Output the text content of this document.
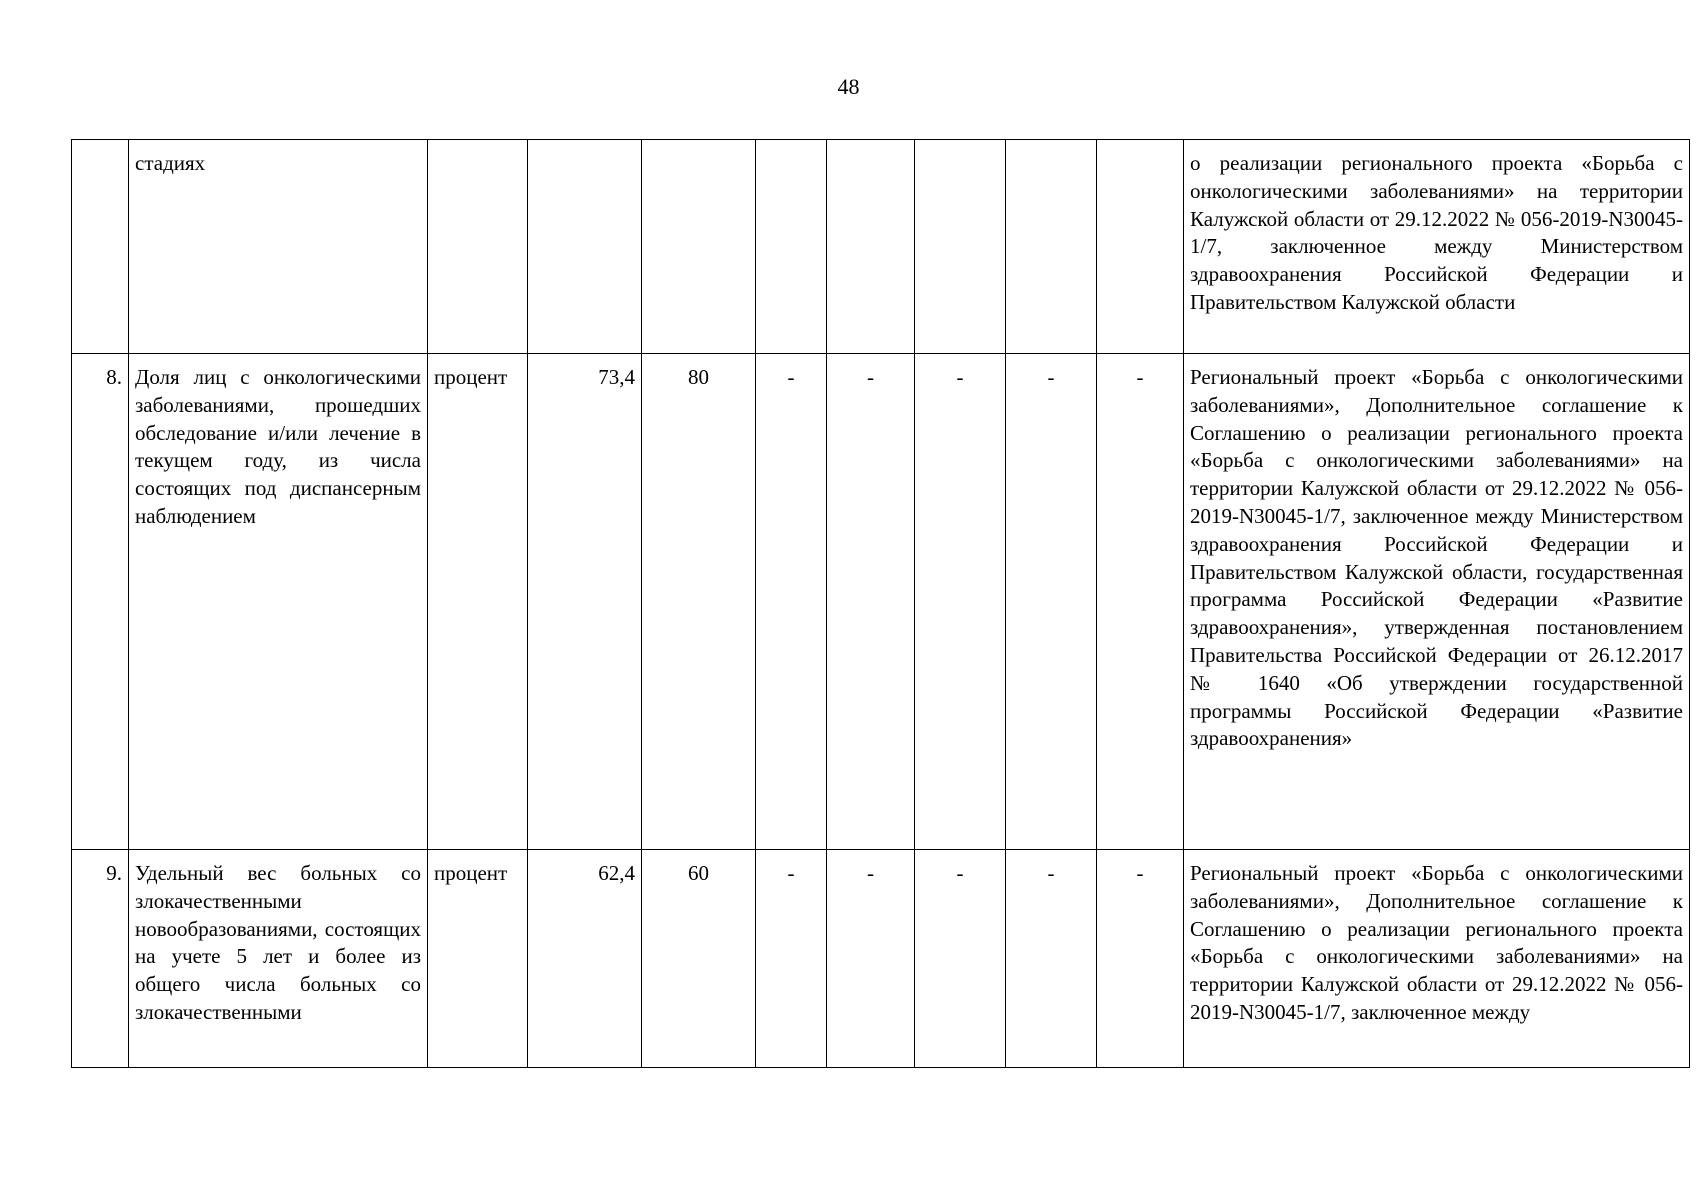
48
	стадиях									о реализации регионального проекта «Борьба с онкологическими заболеваниями» на территории Калужской области от 29.12.2022 № 056-2019-N30045-1/7, заключенное между Министерством здравоохранения Российской Федерации и Правительством Калужской области
8.	Доля лиц с онкологическими заболеваниями, прошедших обследование и/или лечение в текущем году, из числа состоящих под диспансерным наблюдением	процент	73,4	80	-	-	-	-	-	Региональный проект «Борьба с онкологическими заболеваниями», Дополнительное соглашение к Соглашению о реализации регионального проекта «Борьба с онкологическими заболеваниями» на территории Калужской области от 29.12.2022 № 056-2019-N30045-1/7, заключенное между Министерством здравоохранения Российской Федерации и Правительством Калужской области, государственная программа Российской Федерации «Развитие здравоохранения», утвержденная постановлением Правительства Российской Федерации от 26.12.2017 № 1640 «Об утверждении государственной программы Российской Федерации «Развитие здравоохранения»
9.	Удельный вес больных со злокачественными новообразованиями, состоящих на учете 5 лет и более из общего числа больных со злокачественными	процент	62,4	60	-	-	-	-	-	Региональный проект «Борьба с онкологическими заболеваниями», Дополнительное соглашение к Соглашению о реализации регионального проекта «Борьба с онкологическими заболеваниями» на территории Калужской области от 29.12.2022 № 056-2019-N30045-1/7, заключенное между
